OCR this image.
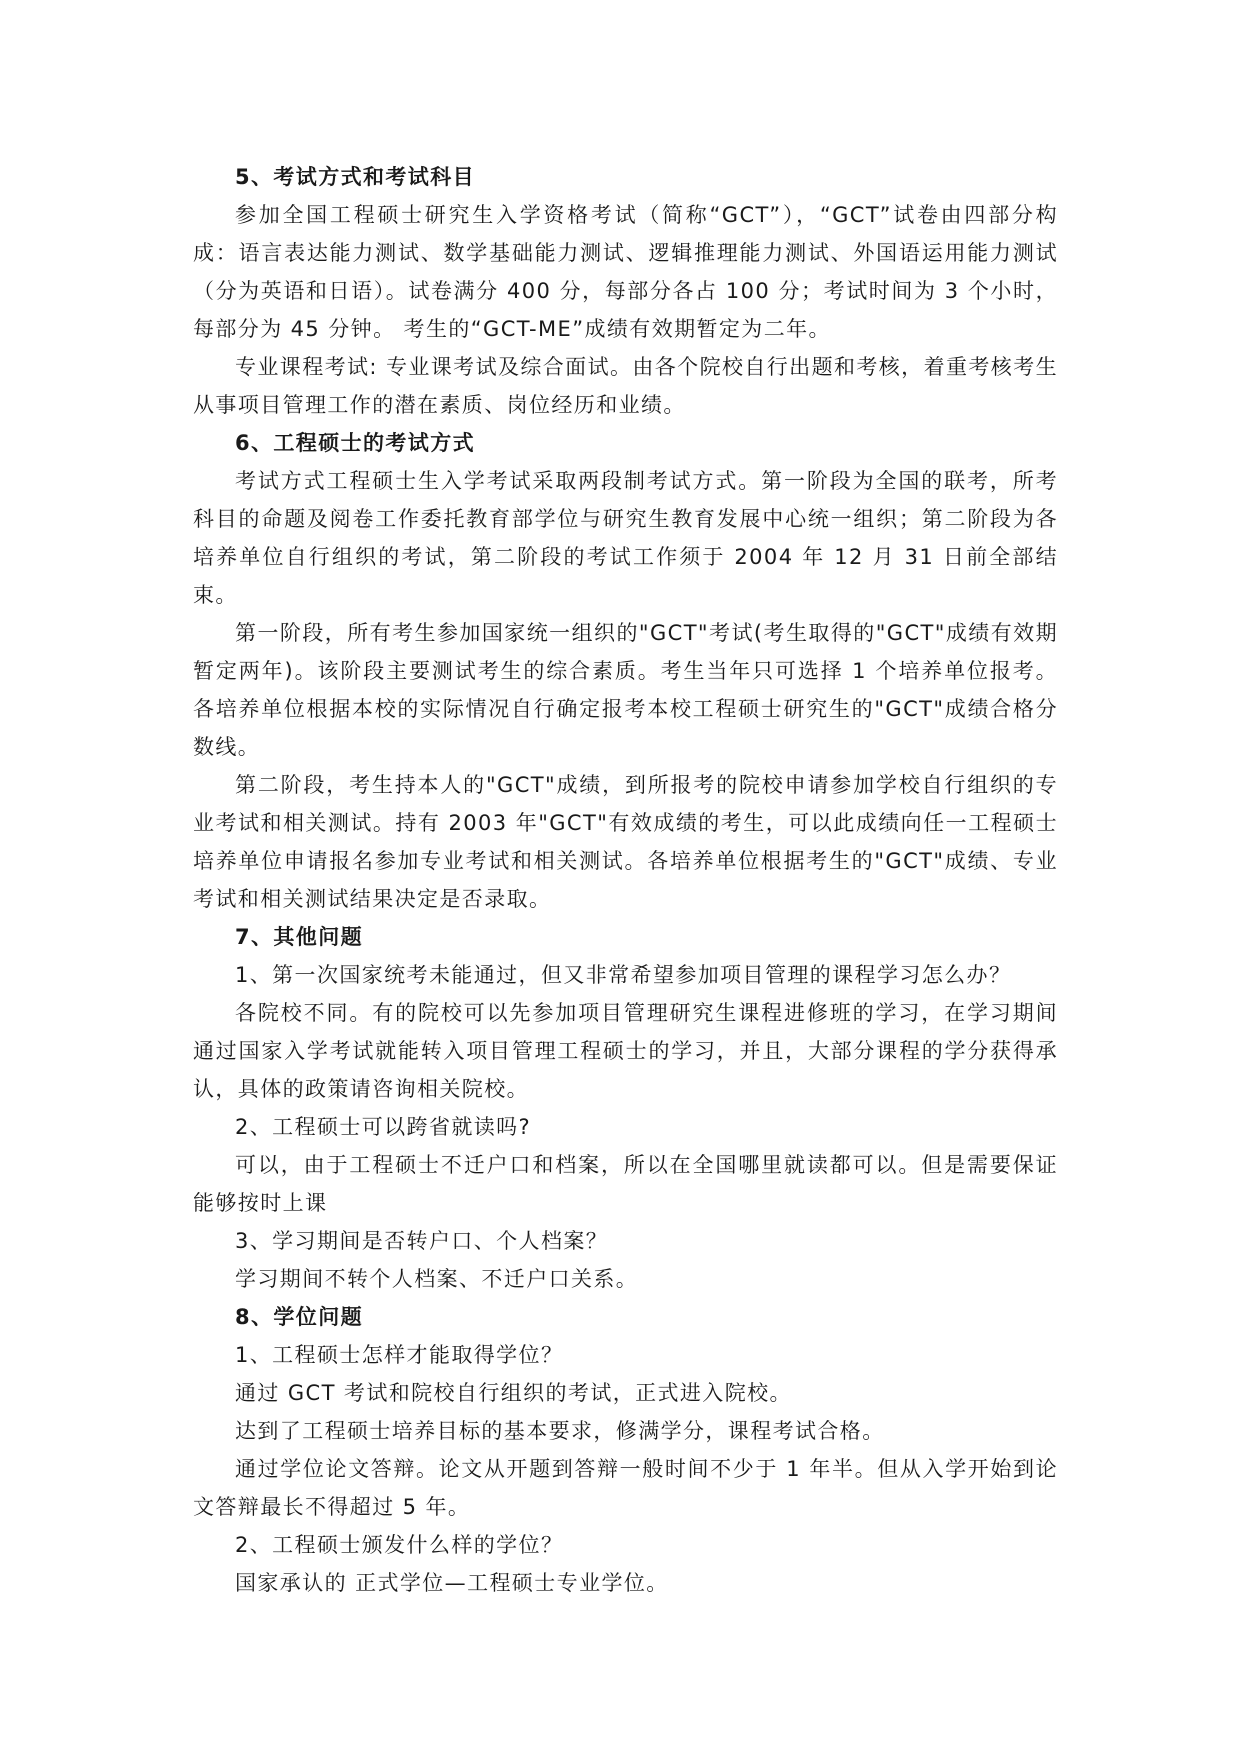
5、考试方式和考试科目
参加全国工程硕士研究生入学资格考试（简称“GCT”），“GCT”试卷由四部分构成：语言表达能力测试、数学基础能力测试、逻辑推理能力测试、外国语运用能力测试（分为英语和日语）。试卷满分 400 分，每部分各占 100 分；考试时间为 3 个小时，每部分为 45 分钟。 考生的“GCT-ME”成绩有效期暂定为二年。
专业课程考试: 专业课考试及综合面试。由各个院校自行出题和考核，着重考核考生从事项目管理工作的潜在素质、岗位经历和业绩。
6、工程硕士的考试方式
考试方式工程硕士生入学考试采取两段制考试方式。第一阶段为全国的联考，所考科目的命题及阅卷工作委托教育部学位与研究生教育发展中心统一组织；第二阶段为各培养单位自行组织的考试，第二阶段的考试工作须于 2004 年 12 月 31 日前全部结束。
第一阶段，所有考生参加国家统一组织的"GCT"考试(考生取得的"GCT"成绩有效期暂定两年)。该阶段主要测试考生的综合素质。考生当年只可选择 1 个培养单位报考。各培养单位根据本校的实际情况自行确定报考本校工程硕士研究生的"GCT"成绩合格分数线。
第二阶段，考生持本人的"GCT"成绩，到所报考的院校申请参加学校自行组织的专业考试和相关测试。持有 2003 年"GCT"有效成绩的考生，可以此成绩向任一工程硕士培养单位申请报名参加专业考试和相关测试。各培养单位根据考生的"GCT"成绩、专业考试和相关测试结果决定是否录取。
7、其他问题
1、第一次国家统考未能通过，但又非常希望参加项目管理的课程学习怎么办？
各院校不同。有的院校可以先参加项目管理研究生课程进修班的学习，在学习期间通过国家入学考试就能转入项目管理工程硕士的学习，并且，大部分课程的学分获得承认，具体的政策请咨询相关院校。
2、工程硕士可以跨省就读吗?
可以，由于工程硕士不迁户口和档案，所以在全国哪里就读都可以。但是需要保证能够按时上课
3、学习期间是否转户口、个人档案？
学习期间不转个人档案、不迁户口关系。
8、学位问题
1、工程硕士怎样才能取得学位？
通过 GCT 考试和院校自行组织的考试，正式进入院校。
达到了工程硕士培养目标的基本要求，修满学分，课程考试合格。
通过学位论文答辩。论文从开题到答辩一般时间不少于 1 年半。但从入学开始到论文答辩最长不得超过 5 年。
2、工程硕士颁发什么样的学位？
国家承认的 正式学位—工程硕士专业学位。
